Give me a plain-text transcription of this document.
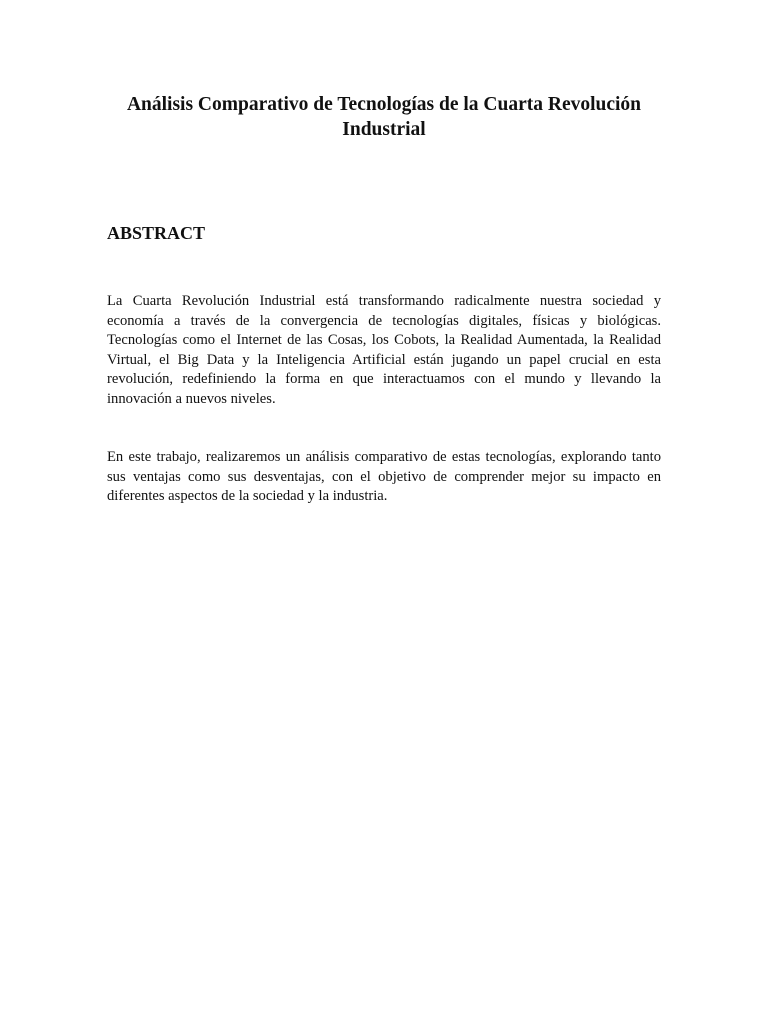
Análisis Comparativo de Tecnologías de la Cuarta Revolución Industrial
ABSTRACT

La Cuarta Revolución Industrial está transformando radicalmente nuestra sociedad y economía a través de la convergencia de tecnologías digitales, físicas y biológicas. Tecnologías como el Internet de las Cosas, los Cobots, la Realidad Aumentada, la Realidad Virtual, el Big Data y la Inteligencia Artificial están jugando un papel crucial en esta revolución, redefiniendo la forma en que interactuamos con el mundo y llevando la innovación a nuevos niveles.

En este trabajo, realizaremos un análisis comparativo de estas tecnologías, explorando tanto sus ventajas como sus desventajas, con el objetivo de comprender mejor su impacto en diferentes aspectos de la sociedad y la industria.
